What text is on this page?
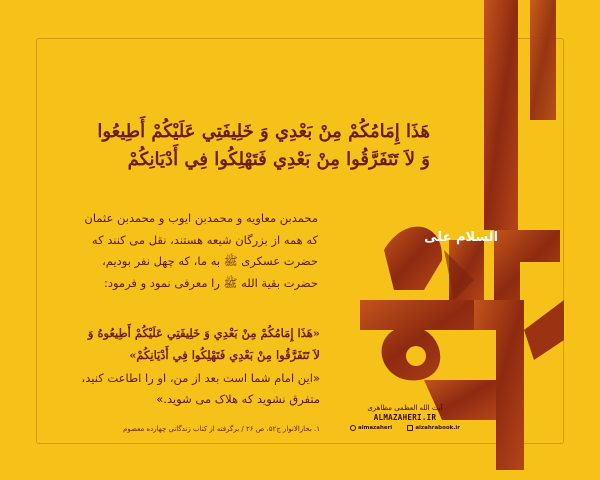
السلام علی
هَذَا إِمَامُكُمْ مِنْ بَعْدِي وَ خَلِيفَتِي عَلَيْكُمْ أَطِيعُوا
وَ لاَ تَتَفَرَّقُوا مِنْ بَعْدِي فَتَهْلِكُوا فِي أَدْيَانِكُمْ
محمدبن معاویه و محمدبن ایوب و محمدبن عثمان
که همه از بزرگان شیعه هستند، نقل می کنند که
حضرت عسکری ﷺ به ما، که چهل نفر بودیم،
حضرت بقیة الله ﷺ را معرفی نمود و فرمود:
«هَذَا إِمَامُكُمْ مِنْ بَعْدِي وَ خَلِيفَتِي عَلَيْكُمْ أَطِيعُوهُ وَ
لاَ تَتَفَرَّقُوا مِنْ بَعْدِي فَتَهْلِكُوا فِي أَدْيَانِكُمْ»
«این امام شما است بعد از من، او را اطاعت کنید،
متفرق نشوید که هلاک می شوید.»
۱. بحارالانوار ج۵۲، ص ۲۶ / برگرفته از کتاب زندگانی چهارده معصوم
آیت الله العظمی مظاهری
ALMAZAHERI.IR
almazaheri	alzahrabook.ir
